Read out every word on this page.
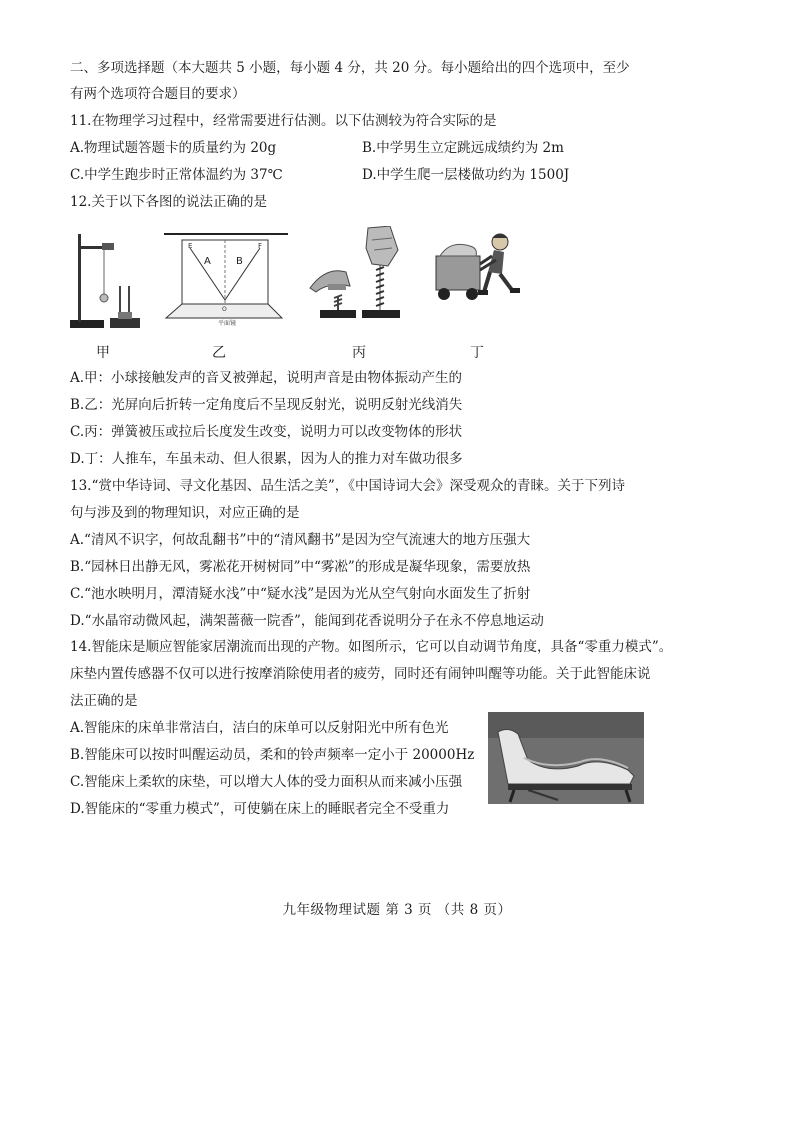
二、多项选择题（本大题共 5 小题，每小题 4 分，共 20 分。每小题给出的四个选项中，至少
有两个选项符合题目的要求）
11.在物理学习过程中，经常需要进行估测。以下估测较为符合实际的是
A.物理试题答题卡的质量约为 20g	B.中学男生立定跳远成绩约为 2m
C.中学生跑步时正常体温约为 37℃	D.中学生爬一层楼做功约为 1500J
12.关于以下各图的说法正确的是
E	F
A	B
O
平面镜
甲	乙	丙	丁
A.甲：小球接触发声的音叉被弹起，说明声音是由物体振动产生的
B.乙：光屏向后折转一定角度后不呈现反射光，说明反射光线消失
C.丙：弹簧被压或拉后长度发生改变，说明力可以改变物体的形状
D.丁：人推车，车虽未动、但人很累，因为人的推力对车做功很多
13.“赏中华诗词、寻文化基因、品生活之美”，《中国诗词大会》深受观众的青睐。关于下列诗
句与涉及到的物理知识，对应正确的是
A.“清风不识字，何故乱翻书”中的“清风翻书”是因为空气流速大的地方压强大
B.“园林日出静无风，雾凇花开树树同”中“雾凇”的形成是凝华现象，需要放热
C.“池水映明月，潭清疑水浅”中“疑水浅”是因为光从空气射向水面发生了折射
D.“水晶帘动微风起，满架蔷薇一院香”，能闻到花香说明分子在永不停息地运动
14.智能床是顺应智能家居潮流而出现的产物。如图所示，它可以自动调节角度，具备“零重力模式”。
床垫内置传感器不仅可以进行按摩消除使用者的疲劳，同时还有闹钟叫醒等功能。关于此智能床说
法正确的是
A.智能床的床单非常洁白，洁白的床单可以反射阳光中所有色光
B.智能床可以按时叫醒运动员，柔和的铃声频率一定小于 20000Hz
C.智能床上柔软的床垫，可以增大人体的受力面积从而来减小压强
D.智能床的“零重力模式”，可使躺在床上的睡眠者完全不受重力
九年级物理试题 第 3 页 （共 8 页）
